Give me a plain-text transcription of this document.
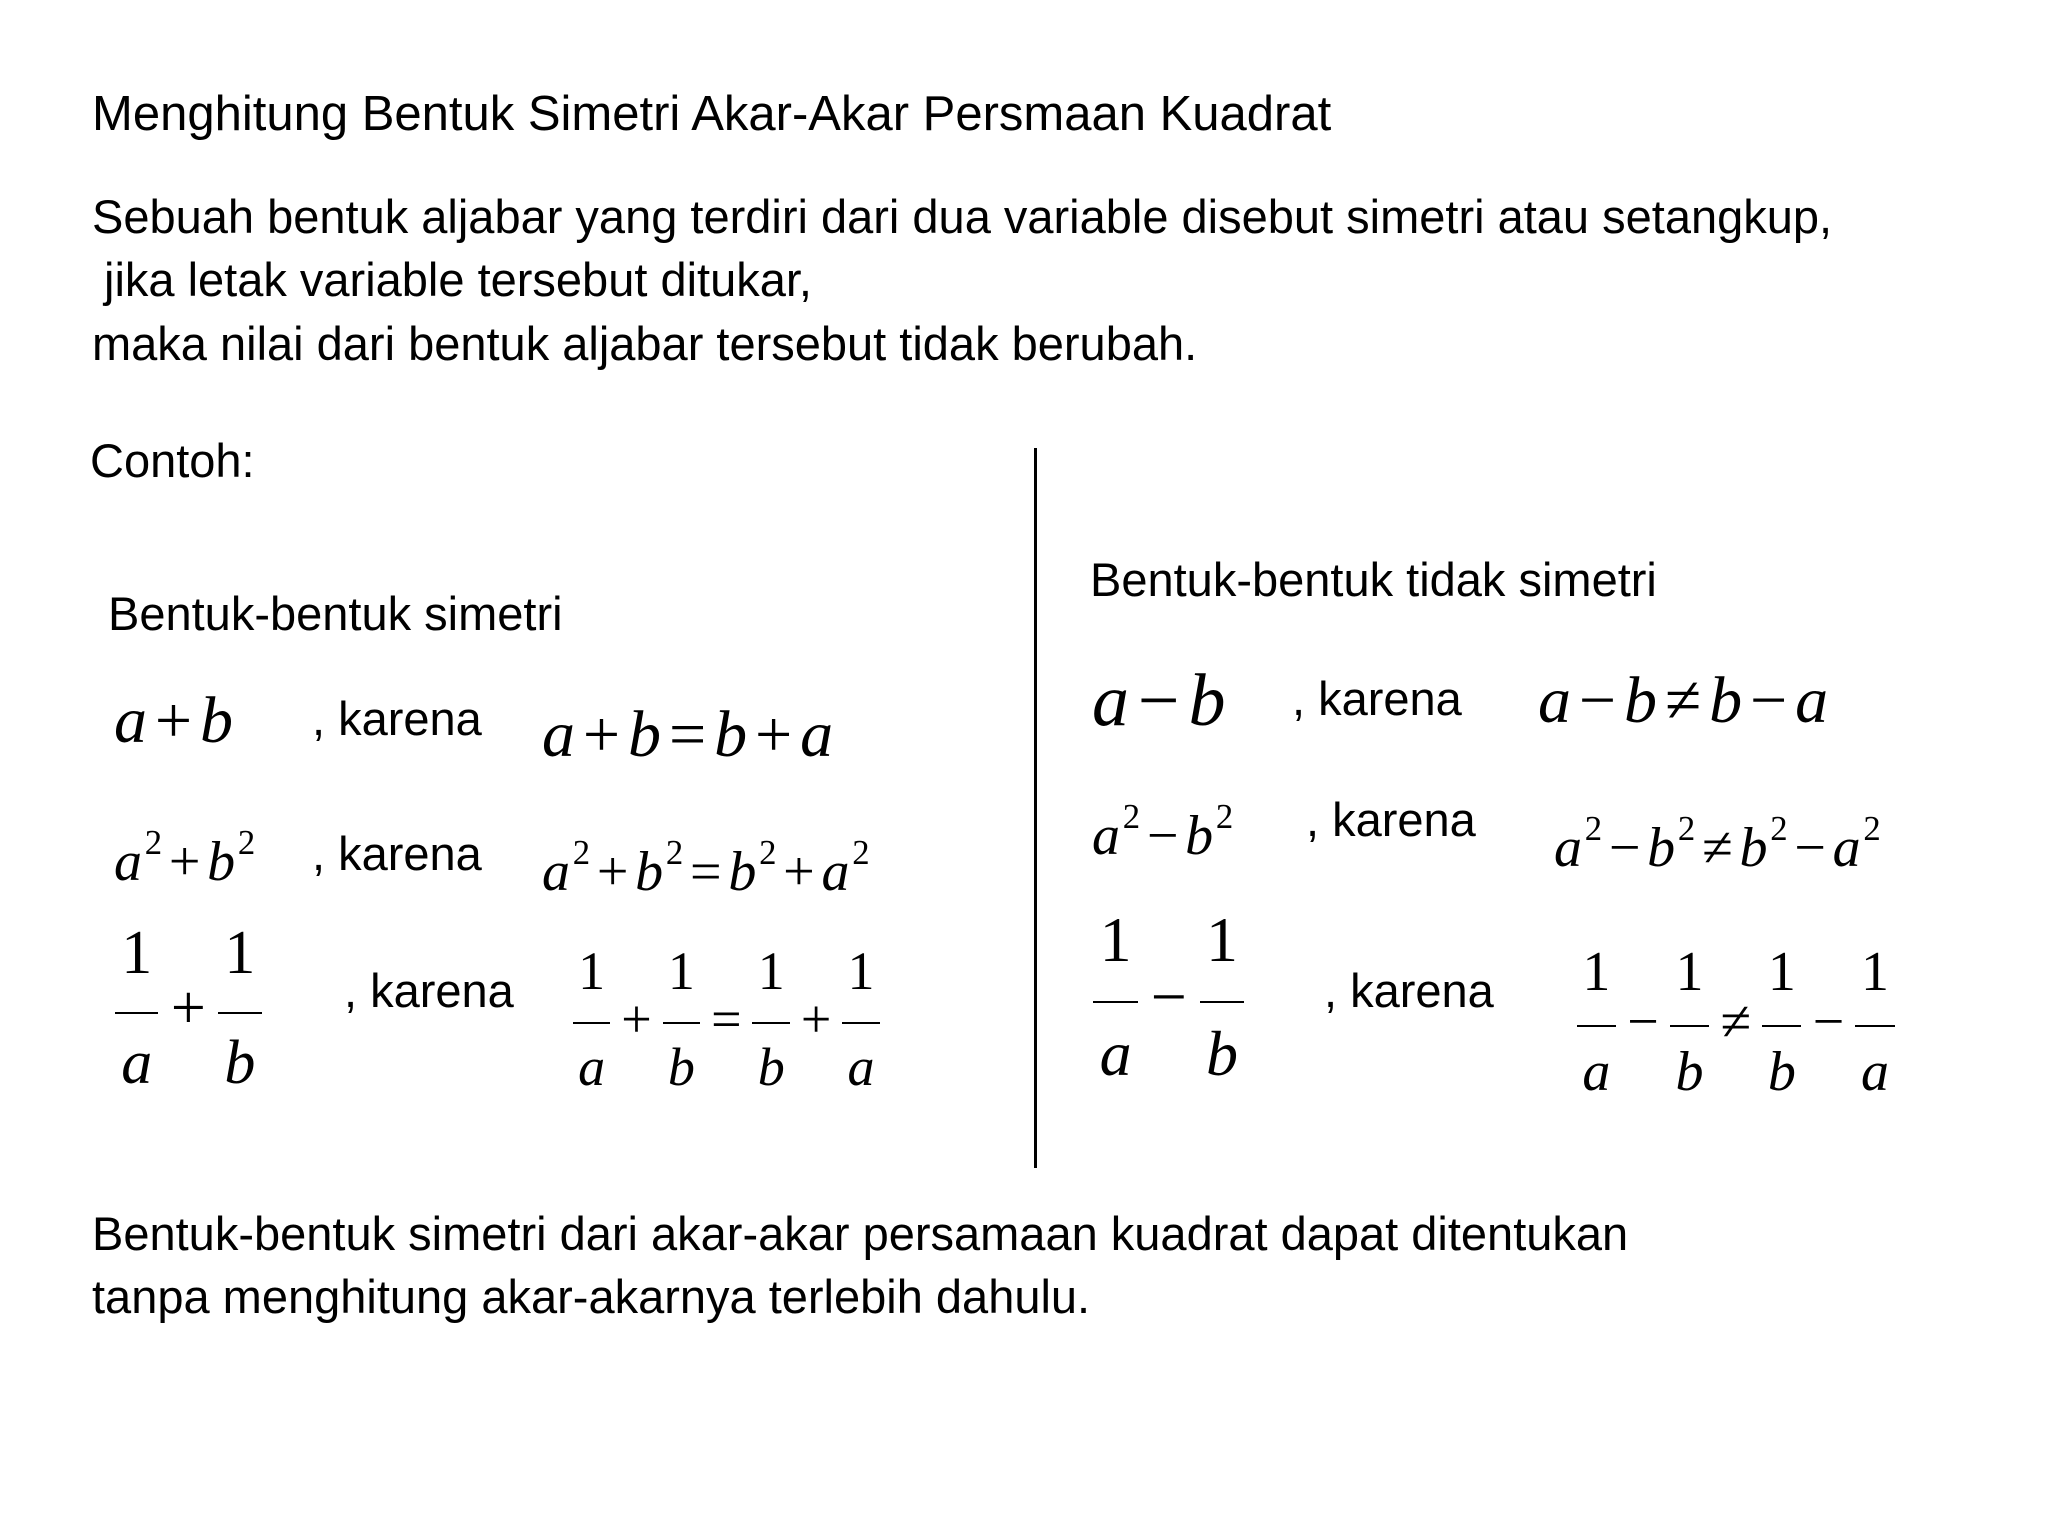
Menghitung Bentuk Simetri Akar-Akar Persmaan Kuadrat
Sebuah bentuk aljabar yang terdiri dari dua variable disebut simetri atau setangkup,
jika letak variable tersebut ditukar,
maka nilai dari bentuk aljabar tersebut tidak berubah.
Contoh:
Bentuk-bentuk simetri
Bentuk-bentuk tidak simetri
a + b , karena a + b = b + a
$a^2 + b^2$ , karena $a^2 + b^2 = b^2 + a^2$
$\frac{1}{a} + \frac{1}{b}$ , karena $\frac{1}{a} + \frac{1}{b} = \frac{1}{b} + \frac{1}{a}$
a − b , karena a − b ≠ b − a
$a^2 - b^2$ , karena $a^2 - b^2 \ne b^2 - a^2$
$\frac{1}{a} - \frac{1}{b}$ , karena $\frac{1}{a} - \frac{1}{b} \ne \frac{1}{b} - \frac{1}{a}$
Bentuk-bentuk simetri dari akar-akar persamaan kuadrat dapat ditentukan
tanpa menghitung akar-akarnya terlebih dahulu.
